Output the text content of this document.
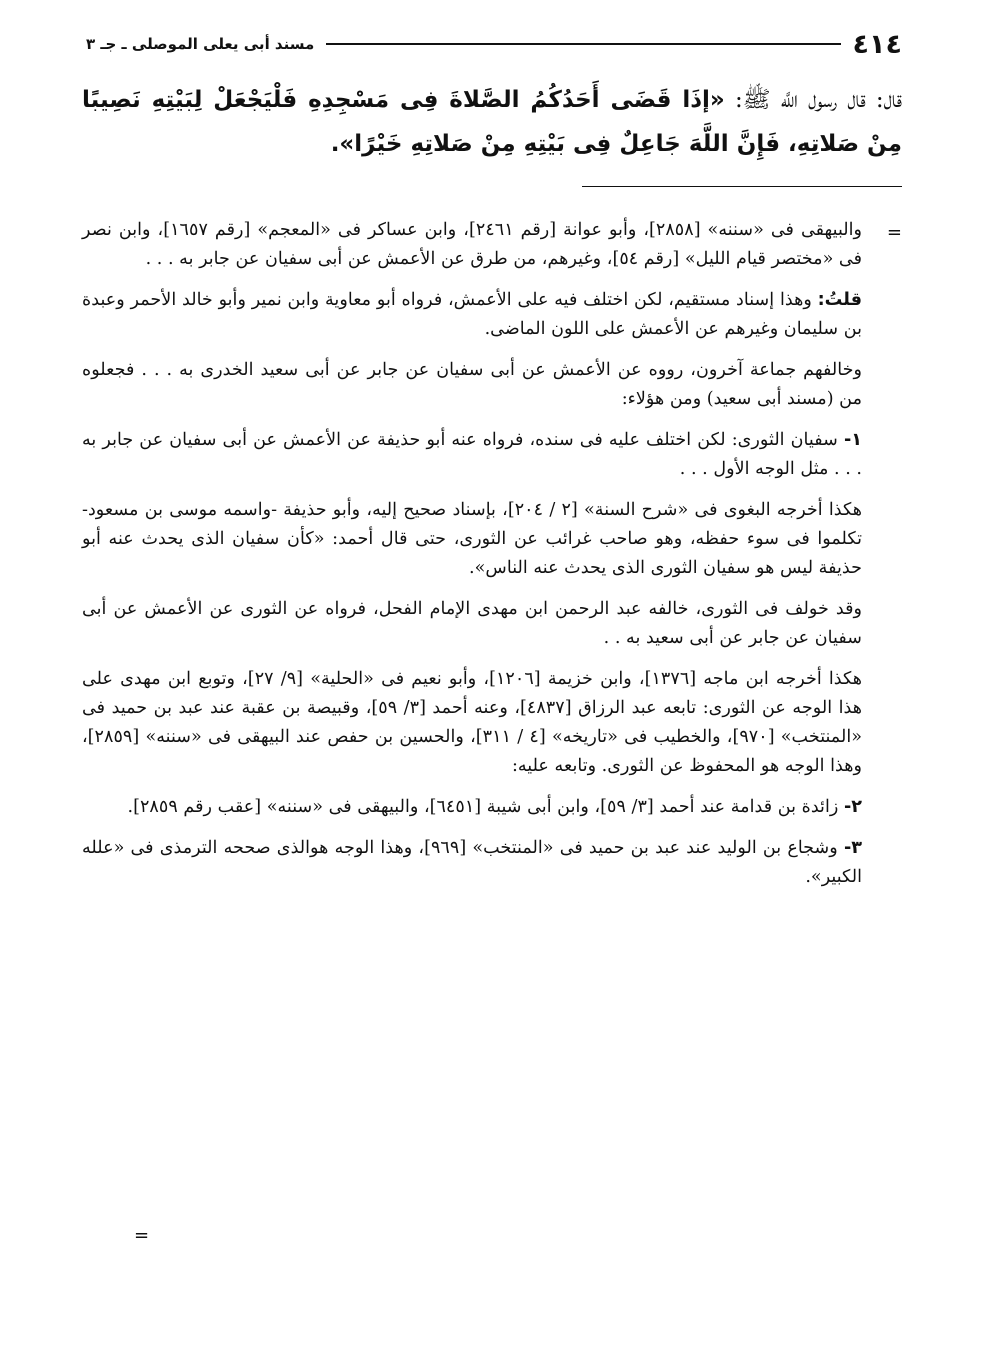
٤١٤
مسند أبى يعلى الموصلى ـ جـ ٣
قال: قال رسول اللَّه ﷺ: «إذَا قَضَى أَحَدُكُمُ الصَّلاةَ فِى مَسْجِدِهِ فَلْيَجْعَلْ لِبَيْتِهِ نَصِيبًا مِنْ صَلاتِهِ، فَإِنَّ اللَّهَ جَاعِلٌ فِى بَيْتِهِ مِنْ صَلاتِهِ خَيْرًا».
=

والبيهقى فى «سننه» [٢٨٥٨]، وأبو عوانة [رقم ٢٤٦١]، وابن عساكر فى «المعجم» [رقم ١٦٥٧]، وابن نصر فى «مختصر قيام الليل» [رقم ٥٤]، وغيرهم، من طرق عن الأعمش عن أبى سفيان عن جابر به . . .

قلتُ: وهذا إسناد مستقيم، لكن اختلف فيه على الأعمش، فرواه أبو معاوية وابن نمير وأبو خالد الأحمر وعبدة بن سليمان وغيرهم عن الأعمش على اللون الماضى.

وخالفهم جماعة آخرون، رووه عن الأعمش عن أبى سفيان عن جابر عن أبى سعيد الخدرى به . . . فجعلوه من (مسند أبى سعيد) ومن هؤلاء:

١- سفيان الثورى: لكن اختلف عليه فى سنده، فرواه عنه أبو حذيفة عن الأعمش عن أبى سفيان عن جابر به . . . مثل الوجه الأول . . .

هكذا أخرجه البغوى فى «شرح السنة» [٢ / ٢٠٤]، بإسناد صحيح إليه، وأبو حذيفة -واسمه موسى بن مسعود- تكلموا فى سوء حفظه، وهو صاحب غرائب عن الثورى، حتى قال أحمد: «كأن سفيان الذى يحدث عنه أبو حذيفة ليس هو سفيان الثورى الذى يحدث عنه الناس».

وقد خولف فى الثورى، خالفه عبد الرحمن ابن مهدى الإمام الفحل، فرواه عن الثورى عن الأعمش عن أبى سفيان عن جابر عن أبى سعيد به . .

هكذا أخرجه ابن ماجه [١٣٧٦]، وابن خزيمة [١٢٠٦]، وأبو نعيم فى «الحلية» [٩/ ٢٧]، وتوبع ابن مهدى على هذا الوجه عن الثورى: تابعه عبد الرزاق [٤٨٣٧]، وعنه أحمد [٣/ ٥٩]، وقبيصة بن عقبة عند عبد بن حميد فى «المنتخب» [٩٧٠]، والخطيب فى «تاريخه» [٤ / ٣١١]، والحسين بن حفص عند البيهقى فى «سننه» [٢٨٥٩]، وهذا الوجه هو المحفوظ عن الثورى. وتابعه عليه:

٢- زائدة بن قدامة عند أحمد [٣/ ٥٩]، وابن أبى شيبة [٦٤٥١]، والبيهقى فى «سننه» [عقب رقم ٢٨٥٩].

٣- وشجاع بن الوليد عند عبد بن حميد فى «المنتخب» [٩٦٩]، وهذا الوجه هوالذى صححه الترمذى فى «علله الكبير».

=
